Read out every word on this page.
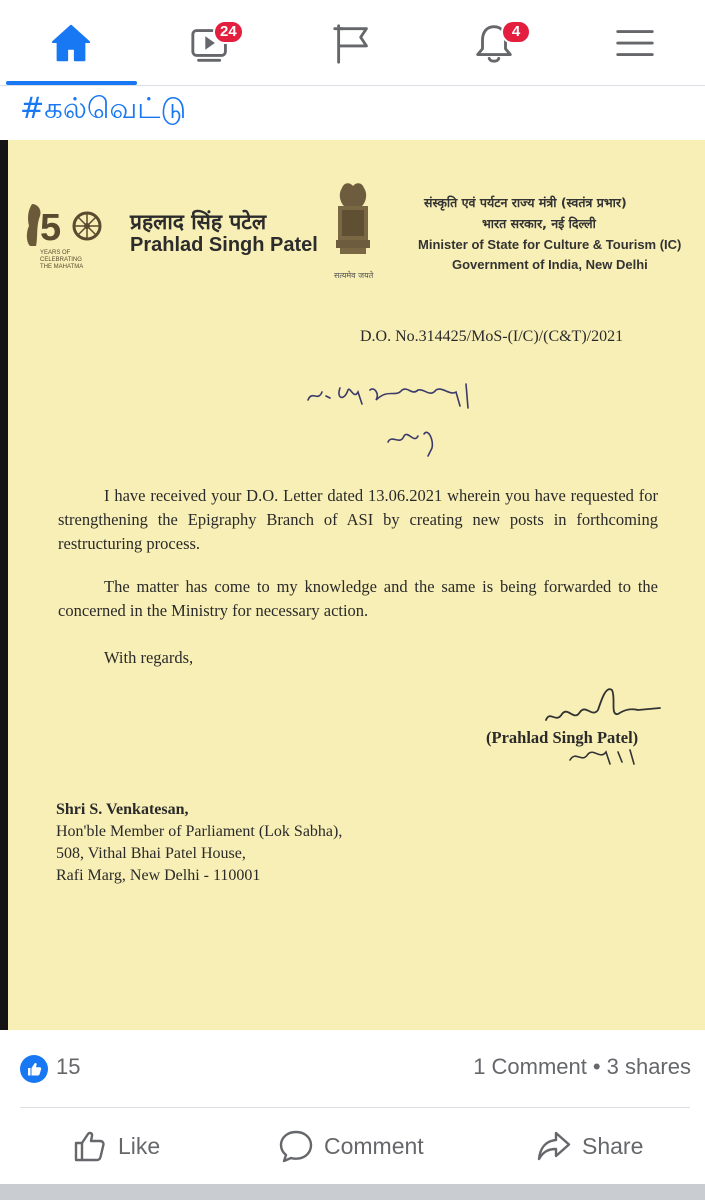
24	4
#கல்வெட்டு
5
YEARS OF
CELEBRATING
THE MAHATMA
प्रहलाद सिंह पटेल
Prahlad Singh Patel
सत्यमेव जयते
संस्कृति एवं पर्यटन राज्य मंत्री (स्वतंत्र प्रभार)
भारत सरकार, नई दिल्ली
Minister of State for Culture & Tourism (IC)
Government of India, New Delhi
D.O. No.314425/MoS-(I/C)/(C&T)/2021
I have received your D.O. Letter dated 13.06.2021 wherein you have requested for strengthening the Epigraphy Branch of ASI by creating new posts in forthcoming restructuring process.
The matter has come to my knowledge and the same is being forwarded to the concerned in the Ministry for necessary action.
With regards,
(Prahlad Singh Patel)
Shri S. Venkatesan,
Hon'ble Member of Parliament (Lok Sabha),
508, Vithal Bhai Patel House,
Rafi Marg, New Delhi - 110001
15	1 Comment • 3 shares
Like	Comment	Share
